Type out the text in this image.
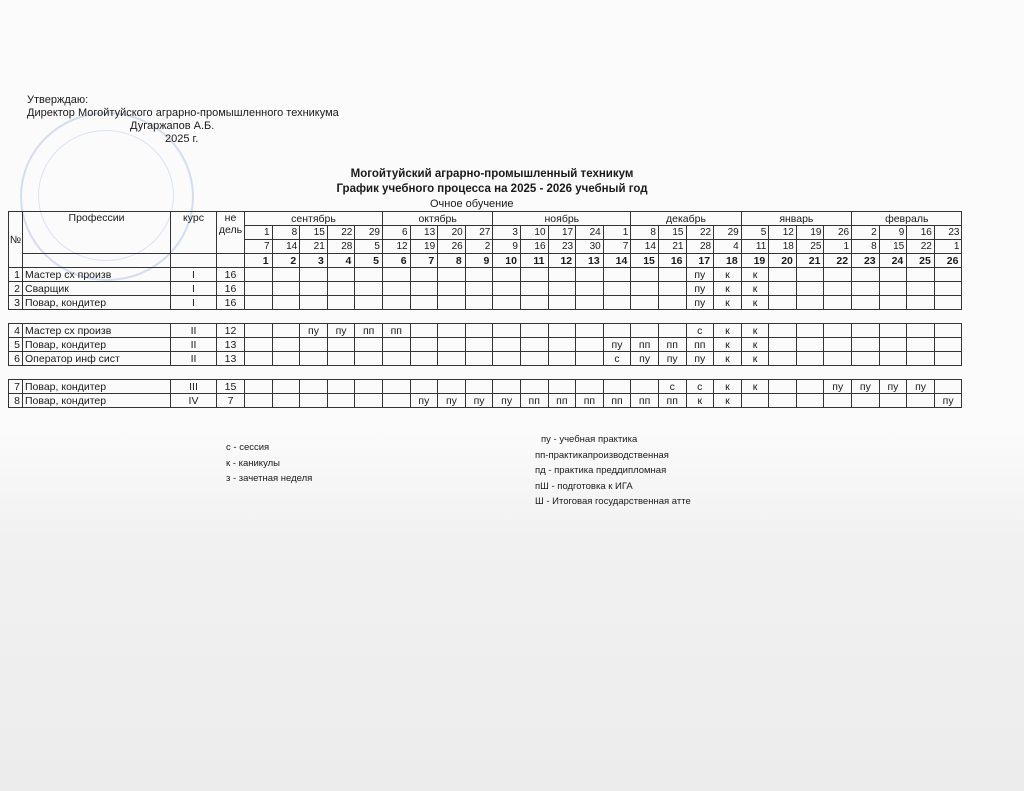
Утверждаю:
Директор Могойтуйского аграрно-промышленного техникума
Дугаржапов А.Б.
2025 г.
Могойтуйский аграрно-промышленный техникум
График учебного процесса на 2025 - 2026 учебный год
Очное обучение
№	Профессии	курс	не
дель	сентябрь					октябрь				ноябрь					декабрь				январь				февраль			
				1	8	15	22	29	6	13	20	27	3	10	17	24	1	8	15	22	29	5	12	19	26	2	9	16	23
				7	14	21	28	5	12	19	26	2	9	16	23	30	7	14	21	28	4	11	18	25	1	8	15	22	1
				1	2	3	4	5	6	7	8	9	10	11	12	13	14	15	16	17	18	19	20	21	22	23	24	25	26
1	Мастер сх произв	I	16																	пу	к	к							
2	Сварщик	I	16																	пу	к	к							
3	Повар, кондитер	I	16																	пу	к	к							

4	Мастер сх произв	II	12			пу	пу	пп	пп											с	к	к							
5	Повар, кондитер	II	13														пу	пп	пп	пп	к	к							
6	Оператор инф сист	II	13														с	пу	пу	пу	к	к							

7	Повар, кондитер	III	15																с	с	к	к			пу	пу	пу	пу	
8	Повар, кондитер	IV	7							пу	пу	пу	пу	пп	пп	пп	пп	пп	пп	к	к								пу
с - сессия
к - каникулы
з - зачетная неделя
пу - учебная практика
пп-практикапроизводственная
пд - практика преддипломная
пШ - подготовка к ИГА
Ш - Итоговая государственная атте
